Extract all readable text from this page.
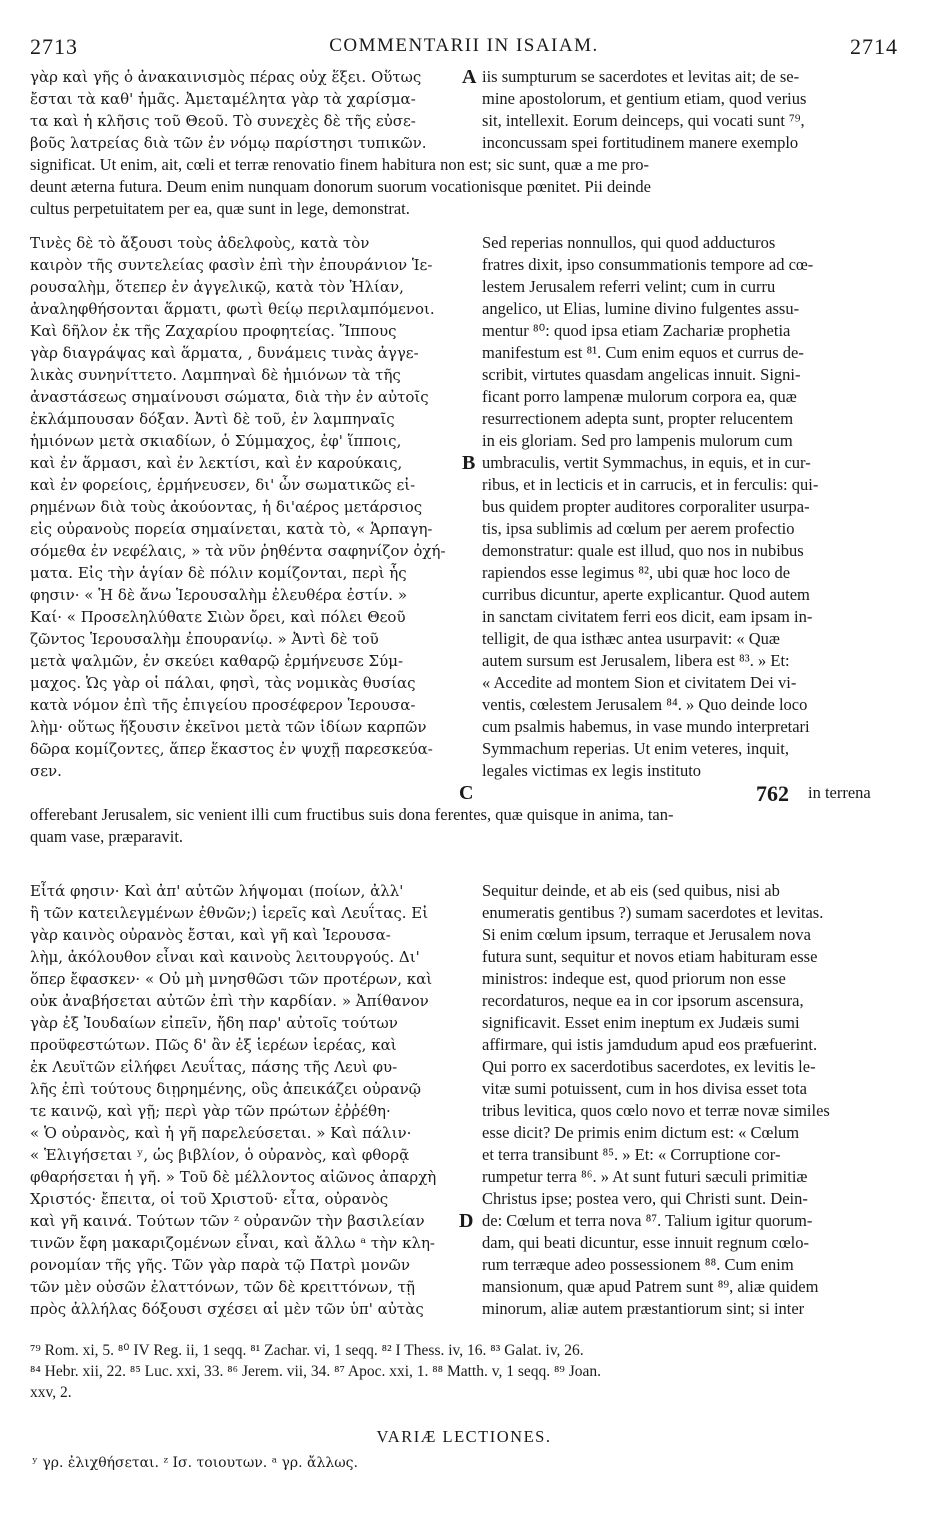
2713	COMMENTARII IN ISAIAM.	2714
γὰρ καὶ γῆς ὁ ἀνακαινισμὸς πέρας οὐχ ἕξει. Οὕτως
ἔσται τὰ καθ' ἡμᾶς. Ἀμεταμέλητα γὰρ τὰ χαρίσμα-
τα καὶ ἡ κλῆσις τοῦ Θεοῦ. Τὸ συνεχὲς δὲ τῆς εὐσε-
βοῦς λατρείας διὰ τῶν ἐν νόμῳ παρίστησι τυπικῶν.
A iis sumpturum se sacerdotes et levitas ait; de se-
mine apostolorum, et gentium etiam, quod verius
sit, intellexit. Eorum deinceps, qui vocati sunt ⁷⁹,
inconcussam spei fortitudinem manere exemplo
significat. Ut enim, ait, cœli et terræ renovatio finem habitura non est; sic sunt, quæ a me pro-
deunt æterna futura. Deum enim nunquam donorum suorum vocationisque pœnitet. Pii deinde
cultus perpetuitatem per ea, quæ sunt in lege, demonstrat.
Τινὲς δὲ τὸ ἄξουσι τοὺς ἀδελφοὺς, κατὰ τὸν
καιρὸν τῆς συντελείας φασὶν ἐπὶ τὴν ἐπουράνιον Ἱε-
ρουσαλὴμ, ὅτεπερ ἐν ἀγγελικῷ, κατὰ τὸν Ἡλίαν,
ἀναληφθήσονται ἅρματι, φωτὶ θείῳ περιλαμπόμενοι.
Καὶ δῆλον ἐκ τῆς Ζαχαρίου προφητείας. Ἵππους
γὰρ διαγράψας καὶ ἅρματα, , δυνάμεις τινὰς ἀγγε-
λικὰς συνηνίττετο. Λαμπηναὶ δὲ ἡμιόνων τὰ τῆς
ἀναστάσεως σημαίνουσι σώματα, διὰ τὴν ἐν αὐτοῖς
ἐκλάμπουσαν δόξαν. Ἀντὶ δὲ τοῦ, ἐν λαμπηναῖς
ἡμιόνων μετὰ σκιαδίων, ὁ Σύμμαχος, ἐφ' ἵπποις,
καὶ ἐν ἅρμασι, καὶ ἐν λεκτίσι, καὶ ἐν καρούκαις,
καὶ ἐν φορείοις, ἑρμήνευσεν, δι' ὧν σωματικῶς εἰ-
ρημένων διὰ τοὺς ἀκούοντας, ἡ δι'αέρος μετάρσιος
εἰς οὐρανοὺς πορεία σημαίνεται, κατὰ τὸ, « Ἁρπαγη-
σόμεθα ἐν νεφέλαις, » τὰ νῦν ῥηθέντα σαφηνίζον ὀχή-
ματα. Εἰς τὴν ἁγίαν δὲ πόλιν κομίζονται, περὶ ἧς
φησιν· « Ἡ δὲ ἄνω Ἱερουσαλὴμ ἐλευθέρα ἐστίν. »
Καί· « Προσεληλύθατε Σιὼν ὄρει, καὶ πόλει Θεοῦ
ζῶντος Ἱερουσαλὴμ ἐπουρανίῳ. » Ἀντὶ δὲ τοῦ
μετὰ ψαλμῶν, ἐν σκεύει καθαρῷ ἑρμήνευσε Σύμ-
μαχος. Ὡς γὰρ οἱ πάλαι, φησὶ, τὰς νομικὰς θυσίας
κατὰ νόμον ἐπὶ τῆς ἐπιγείου προσέφερον Ἱερουσα-
λὴμ· οὕτως ἥξουσιν ἐκεῖνοι μετὰ τῶν ἰδίων καρπῶν
δῶρα κομίζοντες, ἅπερ ἕκαστος ἐν ψυχῇ παρεσκεύα-
σεν.
B
C
Sed reperias nonnullos, qui quod adducturos
fratres dixit, ipso consummationis tempore ad cœ-
lestem Jerusalem referri velint; cum in curru
angelico, ut Elias, lumine divino fulgentes assu-
mentur ⁸⁰: quod ipsa etiam Zachariæ prophetia
manifestum est ⁸¹. Cum enim equos et currus de-
scribit, virtutes quasdam angelicas innuit. Signi-
ficant porro lampenæ mulorum corpora ea, quæ
resurrectionem adepta sunt, propter relucentem
in eis gloriam. Sed pro lampenis mulorum cum
umbraculis, vertit Symmachus, in equis, et in cur-
ribus, et in lecticis et in carrucis, et in ferculis: qui-
bus quidem propter auditores corporaliter usurpa-
tis, ipsa sublimis ad cœlum per aerem profectio
demonstratur: quale est illud, quo nos in nubibus
rapiendos esse legimus ⁸², ubi quæ hoc loco de
curribus dicuntur, aperte explicantur. Quod autem
in sanctam civitatem ferri eos dicit, eam ipsam in-
telligit, de qua isthæc antea usurpavit: « Quæ
autem sursum est Jerusalem, libera est ⁸³. » Et:
« Accedite ad montem Sion et civitatem Dei vi-
ventis, cœlestem Jerusalem ⁸⁴. » Quo deinde loco
cum psalmis habemus, in vase mundo interpretari
Symmachum reperias. Ut enim veteres, inquit,
legales victimas ex legis instituto
762 in terrena
offerebant Jerusalem, sic venient illi cum fructibus suis dona ferentes, quæ quisque in anima, tan-
quam vase, præparavit.
Εἶτά φησιν· Καὶ ἀπ' αὐτῶν λήψομαι (ποίων, ἀλλ'
ἢ τῶν κατειλεγμένων ἐθνῶν;) ἱερεῖς καὶ Λευΐτας. Εἰ
γὰρ καινὸς οὐρανὸς ἔσται, καὶ γῆ καὶ Ἱερουσα-
λὴμ, ἀκόλουθον εἶναι καὶ καινοὺς λειτουργούς. Δι'
ὅπερ ἔφασκεν· « Οὐ μὴ μνησθῶσι τῶν προτέρων, καὶ
οὐκ ἀναβήσεται αὐτῶν ἐπὶ τὴν καρδίαν. » Ἀπίθανον
γὰρ ἐξ Ἰουδαίων εἰπεῖν, ἤδη παρ' αὐτοῖς τούτων
προϋφεστώτων. Πῶς δ' ἂν ἐξ ἱερέων ἱερέας, καὶ
ἐκ Λευϊτῶν εἰλήφει Λευΐτας, πάσης τῆς Λευὶ φυ-
λῆς ἐπὶ τούτους διῃρημένης, οὓς ἀπεικάζει οὐρανῷ
τε καινῷ, καὶ γῇ; περὶ γὰρ τῶν πρώτων ἐῤῥέθη·
« Ὁ οὐρανὸς, καὶ ἡ γῆ παρελεύσεται. » Καὶ πάλιν·
« Ἑλιγήσεται ʸ, ὡς βιβλίον, ὁ οὐρανὸς, καὶ φθορᾷ
φθαρήσεται ἡ γῆ. » Τοῦ δὲ μέλλοντος αἰῶνος ἀπαρχὴ
Χριστός· ἔπειτα, οἱ τοῦ Χριστοῦ· εἶτα, οὐρανὸς
καὶ γῆ καινά. Τούτων τῶν ᶻ οὐρανῶν τὴν βασιλείαν
τινῶν ἔφη μακαριζομένων εἶναι, καὶ ἄλλω ᵃ τὴν κλη-
ρονομίαν τῆς γῆς. Τῶν γὰρ παρὰ τῷ Πατρὶ μονῶν
τῶν μὲν οὐσῶν ἐλαττόνων, τῶν δὲ κρειττόνων, τῇ
πρὸς ἀλλήλας δόξουσι σχέσει αἱ μὲν τῶν ὑπ' αὐτὰς
D
Sequitur deinde, et ab eis (sed quibus, nisi ab
enumeratis gentibus ?) sumam sacerdotes et levitas.
Si enim cœlum ipsum, terraque et Jerusalem nova
futura sunt, sequitur et novos etiam habituram esse
ministros: indeque est, quod priorum non esse
recordaturos, neque ea in cor ipsorum ascensura,
significavit. Esset enim ineptum ex Judæis sumi
affirmare, qui istis jamdudum apud eos præfuerint.
Qui porro ex sacerdotibus sacerdotes, ex levitis le-
vitæ sumi potuissent, cum in hos divisa esset tota
tribus levitica, quos cœlo novo et terræ novæ similes
esse dicit? De primis enim dictum est: « Cœlum
et terra transibunt ⁸⁵. » Et: « Corruptione cor-
rumpetur terra ⁸⁶. » At sunt futuri sæculi primitiæ
Christus ipse; postea vero, qui Christi sunt. Dein-
de: Cœlum et terra nova ⁸⁷. Talium igitur quorum-
dam, qui beati dicuntur, esse innuit regnum cœlo-
rum terræque adeo possessionem ⁸⁸. Cum enim
mansionum, quæ apud Patrem sunt ⁸⁹, aliæ quidem
minorum, aliæ autem præstantiorum sint; si inter
⁷⁹ Rom. xi, 5. ⁸⁰ IV Reg. ii, 1 seqq. ⁸¹ Zachar. vi, 1 seqq. ⁸² I Thess. iv, 16. ⁸³ Galat. iv, 26.
⁸⁴ Hebr. xii, 22. ⁸⁵ Luc. xxi, 33. ⁸⁶ Jerem. vii, 34. ⁸⁷ Apoc. xxi, 1. ⁸⁸ Matth. v, 1 seqq. ⁸⁹ Joan.
xxv, 2.
VARIÆ LECTIONES.
ʸ γρ. ἐλιχθήσεται. ᶻ Ισ. τοιουτων. ᵃ γρ. ἄλλως.
